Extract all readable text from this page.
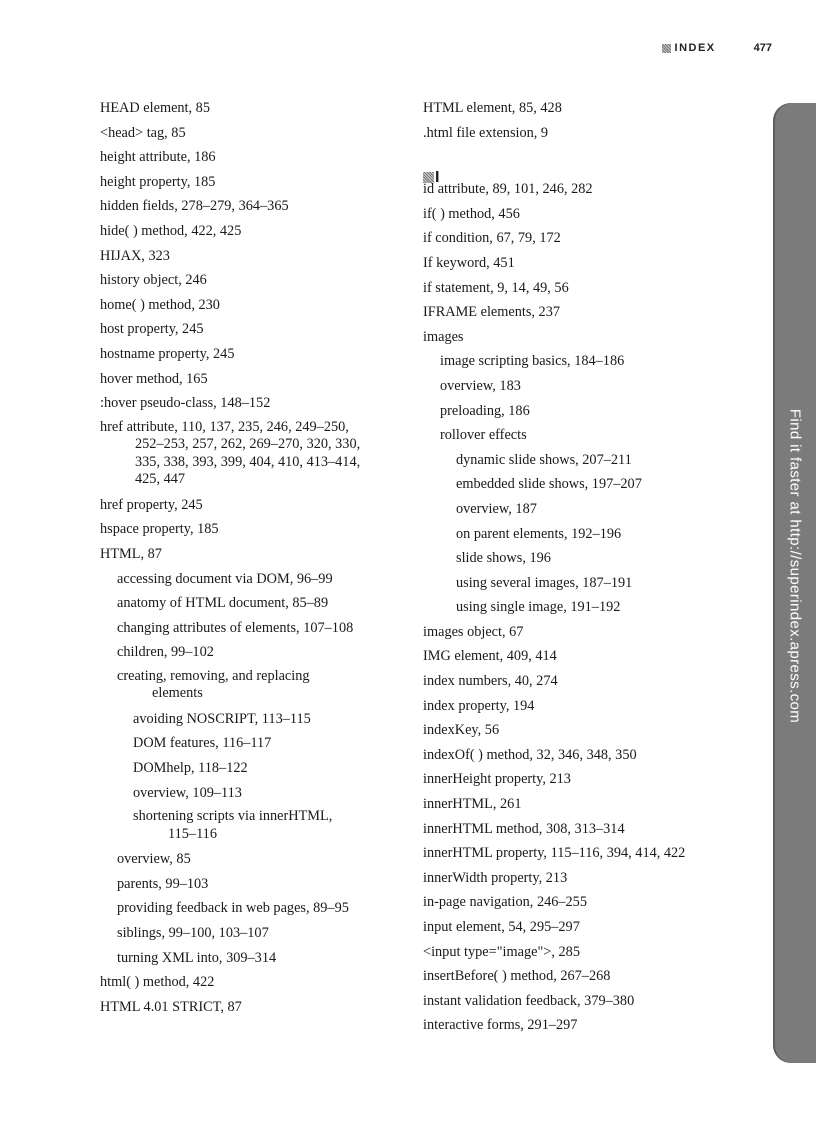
INDEX	477
HEAD element, 85
<head> tag, 85
height attribute, 186
height property, 185
hidden fields, 278–279, 364–365
hide( ) method, 422, 425
HIJAX, 323
history object, 246
home( ) method, 230
host property, 245
hostname property, 245
hover method, 165
:hover pseudo-class, 148–152
href attribute, 110, 137, 235, 246, 249–250,
252–253, 257, 262, 269–270, 320, 330,
335, 338, 393, 399, 404, 410, 413–414,
425, 447
href property, 245
hspace property, 185
HTML, 87
accessing document via DOM, 96–99
anatomy of HTML document, 85–89
changing attributes of elements, 107–108
children, 99–102
creating, removing, and replacing
elements
avoiding NOSCRIPT, 113–115
DOM features, 116–117
DOMhelp, 118–122
overview, 109–113
shortening scripts via innerHTML,
115–116
overview, 85
parents, 99–103
providing feedback in web pages, 89–95
siblings, 99–100, 103–107
turning XML into, 309–314
html( ) method, 422
HTML 4.01 STRICT, 87
HTML element, 85, 428
.html file extension, 9
I
id attribute, 89, 101, 246, 282
if( ) method, 456
if condition, 67, 79, 172
If keyword, 451
if statement, 9, 14, 49, 56
IFRAME elements, 237
images
image scripting basics, 184–186
overview, 183
preloading, 186
rollover effects
dynamic slide shows, 207–211
embedded slide shows, 197–207
overview, 187
on parent elements, 192–196
slide shows, 196
using several images, 187–191
using single image, 191–192
images object, 67
IMG element, 409, 414
index numbers, 40, 274
index property, 194
indexKey, 56
indexOf( ) method, 32, 346, 348, 350
innerHeight property, 213
innerHTML, 261
innerHTML method, 308, 313–314
innerHTML property, 115–116, 394, 414, 422
innerWidth property, 213
in-page navigation, 246–255
input element, 54, 295–297
<input type="image">, 285
insertBefore( ) method, 267–268
instant validation feedback, 379–380
interactive forms, 291–297
Find it faster at http://superindex.apress.com
